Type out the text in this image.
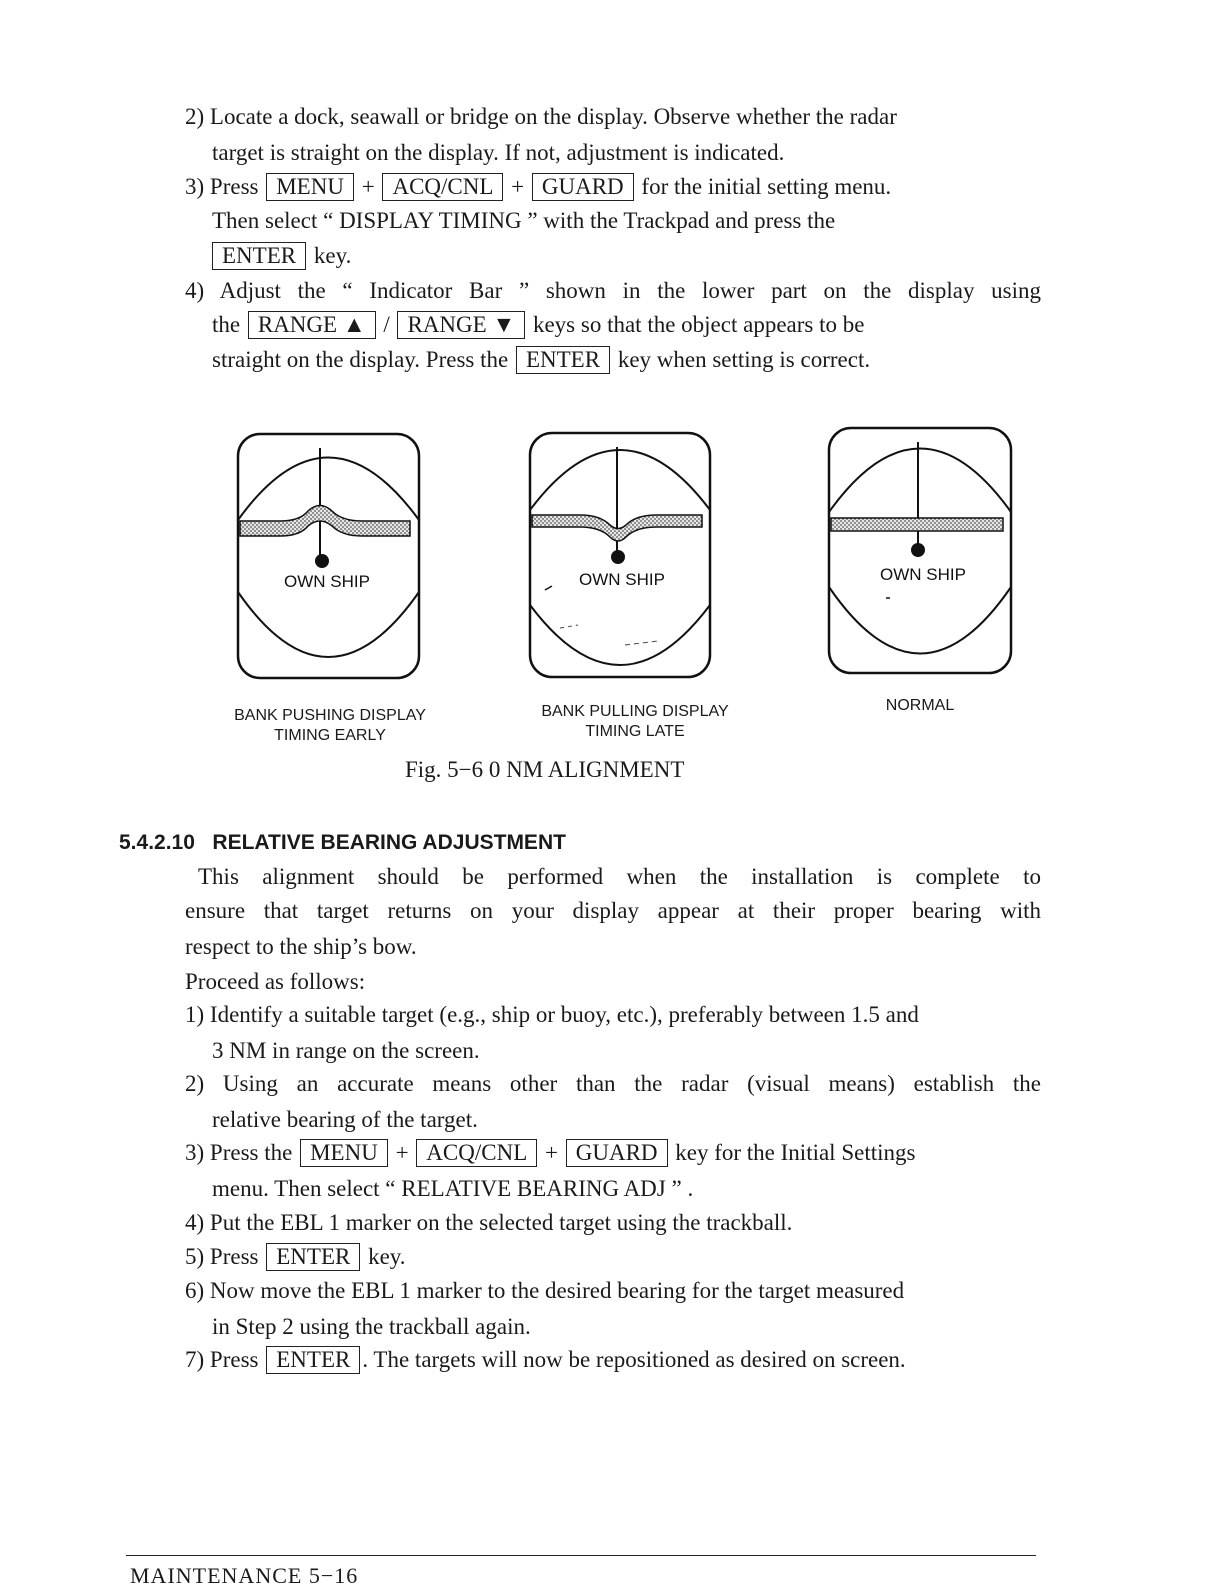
2) Locate a dock, seawall or bridge on the display. Observe whether the radar
target is straight on the display. If not, adjustment is indicated.
3) Press MENU + ACQ/CNL + GUARD for the initial setting menu.
Then select “ DISPLAY TIMING ” with the Trackpad and press the
ENTER key.
4) Adjust the “ Indicator Bar ” shown in the lower part on the display using
the RANGE ▲ / RANGE ▼ keys so that the object appears to be
straight on the display. Press the ENTER key when setting is correct.
OWN SHIP	OWN SHIP	OWN SHIP
BANK PUSHING DISPLAY
TIMING EARLY
BANK PULLING DISPLAY
TIMING LATE
NORMAL
Fig. 5−6 0 NM ALIGNMENT
5.4.2.10 RELATIVE BEARING ADJUSTMENT
This alignment should be performed when the installation is complete to
ensure that target returns on your display appear at their proper bearing with
respect to the ship’s bow.
Proceed as follows:
1) Identify a suitable target (e.g., ship or buoy, etc.), preferably between 1.5 and
3 NM in range on the screen.
2) Using an accurate means other than the radar (visual means) establish the
relative bearing of the target.
3) Press the MENU + ACQ/CNL + GUARD key for the Initial Settings
menu. Then select “ RELATIVE BEARING ADJ ” .
4) Put the EBL 1 marker on the selected target using the trackball.
5) Press ENTER key.
6) Now move the EBL 1 marker to the desired bearing for the target measured
in Step 2 using the trackball again.
7) Press ENTER . The targets will now be repositioned as desired on screen.
MAINTENANCE 5−16
